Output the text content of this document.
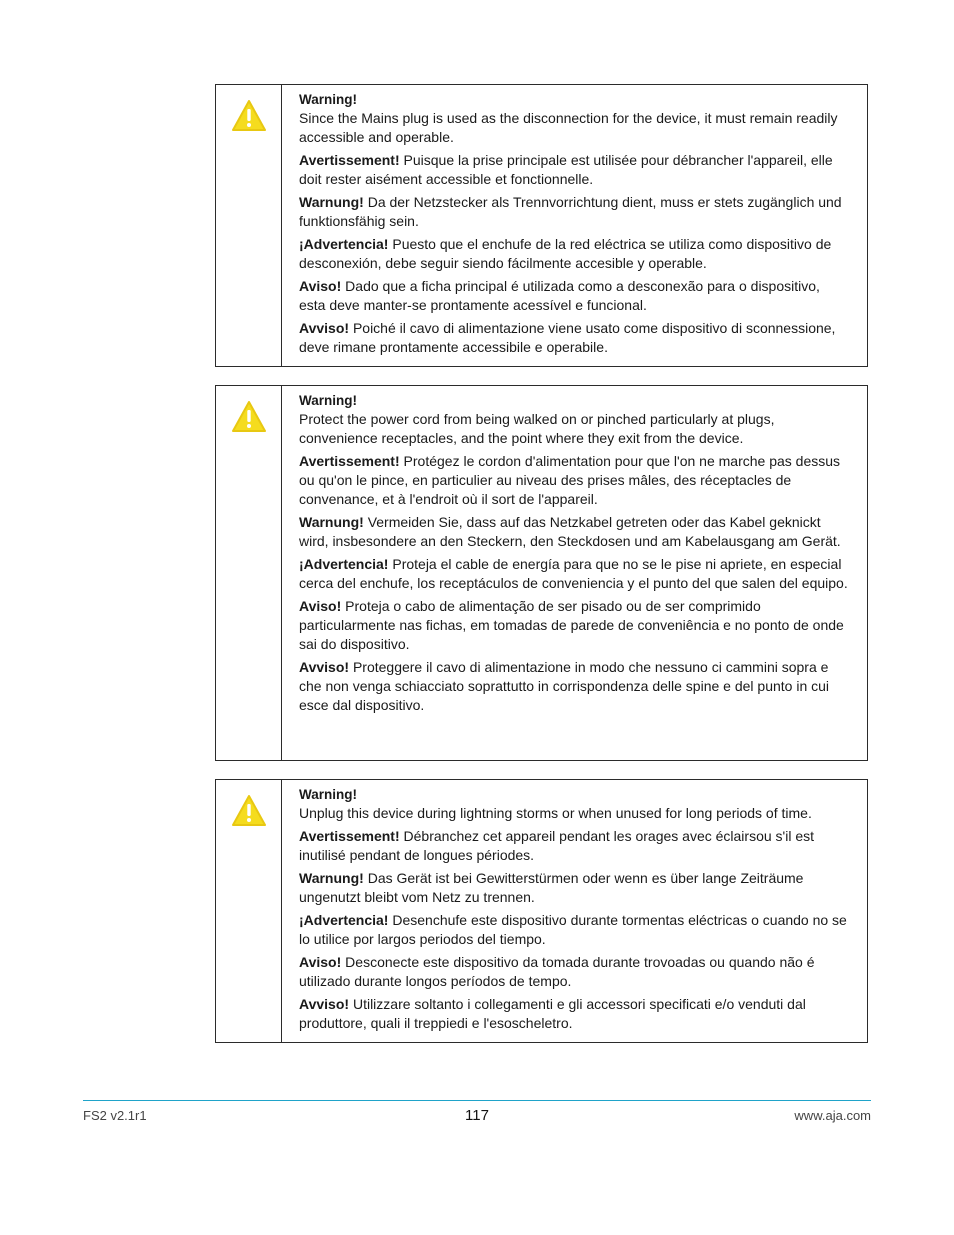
Warning!

Since the Mains plug is used as the disconnection for the device, it must remain readily accessible and operable.

Avertissement! Puisque la prise principale est utilisée pour débrancher l'appareil, elle doit rester aisément accessible et fonctionnelle.

Warnung! Da der Netzstecker als Trennvorrichtung dient, muss er stets zugänglich und funktionsfähig sein.

¡Advertencia! Puesto que el enchufe de la red eléctrica se utiliza como dispositivo de desconexión, debe seguir siendo fácilmente accesible y operable.

Aviso! Dado que a ficha principal é utilizada como a desconexão para o dispositivo, esta deve manter-se prontamente acessível e funcional.

Avviso! Poiché il cavo di alimentazione viene usato come dispositivo di sconnessione, deve rimane prontamente accessibile e operabile.

Warning!

Protect the power cord from being walked on or pinched particularly at plugs, convenience receptacles, and the point where they exit from the device.

Avertissement! Protégez le cordon d'alimentation pour que l'on ne marche pas dessus ou qu'on le pince, en particulier au niveau des prises mâles, des réceptacles de convenance, et à l'endroit où il sort de l'appareil.

Warnung! Vermeiden Sie, dass auf das Netzkabel getreten oder das Kabel geknickt wird, insbesondere an den Steckern, den Steckdosen und am Kabelausgang am Gerät.

¡Advertencia! Proteja el cable de energía para que no se le pise ni apriete, en especial cerca del enchufe, los receptáculos de conveniencia y el punto del que salen del equipo.

Aviso! Proteja o cabo de alimentação de ser pisado ou de ser comprimido particularmente nas fichas, em tomadas de parede de conveniência e no ponto de onde sai do dispositivo.

Avviso! Proteggere il cavo di alimentazione in modo che nessuno ci cammini sopra e che non venga schiacciato soprattutto in corrispondenza delle spine e del punto in cui esce dal dispositivo.

Warning!

Unplug this device during lightning storms or when unused for long periods of time.

Avertissement! Débranchez cet appareil pendant les orages avec éclairsou s'il est inutilisé pendant de longues périodes.

Warnung! Das Gerät ist bei Gewitterstürmen oder wenn es über lange Zeiträume ungenutzt bleibt vom Netz zu trennen.

¡Advertencia! Desenchufe este dispositivo durante tormentas eléctricas o cuando no se lo utilice por largos periodos del tiempo.

Aviso! Desconecte este dispositivo da tomada durante trovoadas ou quando não é utilizado durante longos períodos de tempo.

Avviso! Utilizzare soltanto i collegamenti e gli accessori specificati e/o venduti dal produttore, quali il treppiedi e l'esoscheletro.

FS2 v2.1r1	117	www.aja.com
